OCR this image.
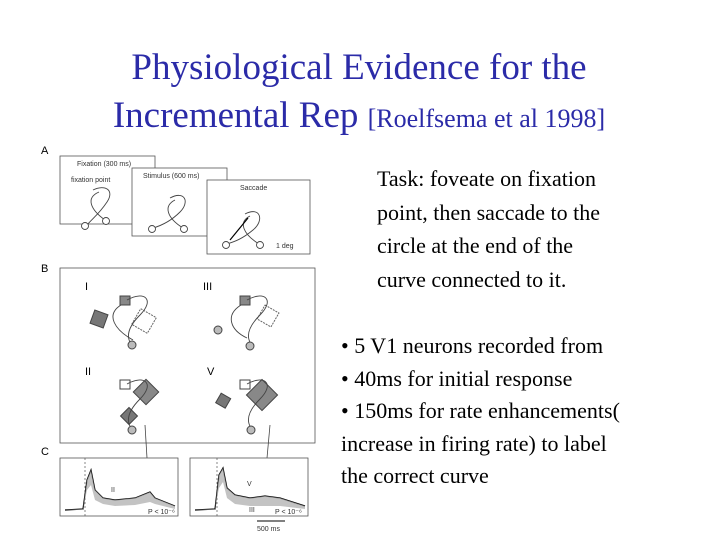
Physiological Evidence for the
Incremental Rep [Roelfsema et al 1998]
A
Fixation (300 ms)
Stimulus (600 ms)
Saccade
fixation point
1 deg
B
I	III
II	V
C
II
P < 10⁻⁶
V
III	P < 10⁻⁶
500 ms
Task: foveate on fixation
point, then saccade to the
circle at the end of the
curve connected to it.
• 5 V1 neurons recorded from
• 40ms for initial response
• 150ms for rate enhancements(
increase in firing rate) to label
the correct curve
